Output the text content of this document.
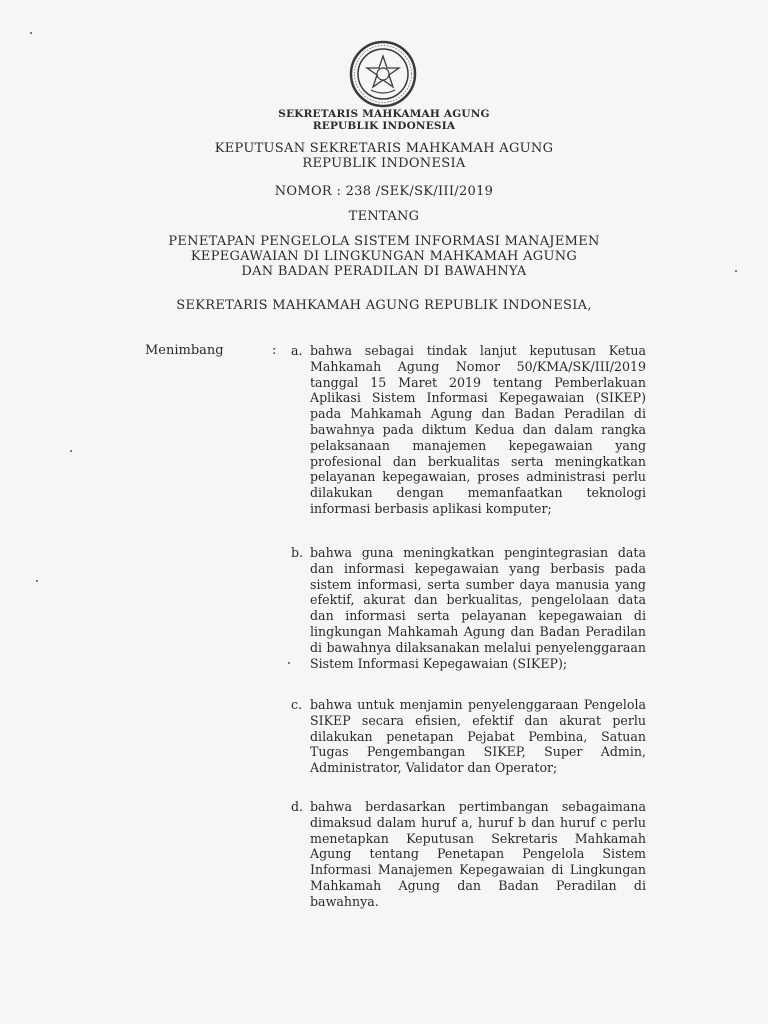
SEKRETARIS MAHKAMAH AGUNG
REPUBLIK INDONESIA
KEPUTUSAN SEKRETARIS MAHKAMAH AGUNG
REPUBLIK INDONESIA
NOMOR : 238 /SEK/SK/III/2019
TENTANG
PENETAPAN PENGELOLA SISTEM INFORMASI MANAJEMEN
KEPEGAWAIAN DI LINGKUNGAN MAHKAMAH AGUNG
DAN BADAN PERADILAN DI BAWAHNYA
SEKRETARIS MAHKAMAH AGUNG REPUBLIK INDONESIA,
Menimbang	: a. bahwa sebagai tindak lanjut keputusan Ketua Mahkamah Agung Nomor 50/KMA/SK/III/2019 tanggal 15 Maret 2019 tentang Pemberlakuan Aplikasi Sistem Informasi Kepegawaian (SIKEP) pada Mahkamah Agung dan Badan Peradilan di bawahnya pada diktum Kedua dan dalam rangka pelaksanaan manajemen kepegawaian yang profesional dan berkualitas serta meningkatkan pelayanan kepegawaian, proses administrasi perlu dilakukan dengan memanfaatkan teknologi informasi berbasis aplikasi komputer;
b. bahwa guna meningkatkan pengintegrasian data dan informasi kepegawaian yang berbasis pada sistem informasi, serta sumber daya manusia yang efektif, akurat dan berkualitas, pengelolaan data dan informasi serta pelayanan kepegawaian di lingkungan Mahkamah Agung dan Badan Peradilan di bawahnya dilaksanakan melalui penyelenggaraan Sistem Informasi Kepegawaian (SIKEP);
c. bahwa untuk menjamin penyelenggaraan Pengelola SIKEP secara efisien, efektif dan akurat perlu dilakukan penetapan Pejabat Pembina, Satuan Tugas Pengembangan SIKEP, Super Admin, Administrator, Validator dan Operator;
d. bahwa berdasarkan pertimbangan sebagaimana dimaksud dalam huruf a, huruf b dan huruf c perlu menetapkan Keputusan Sekretaris Mahkamah Agung tentang Penetapan Pengelola Sistem Informasi Manajemen Kepegawaian di Lingkungan Mahkamah Agung dan Badan Peradilan di bawahnya.
